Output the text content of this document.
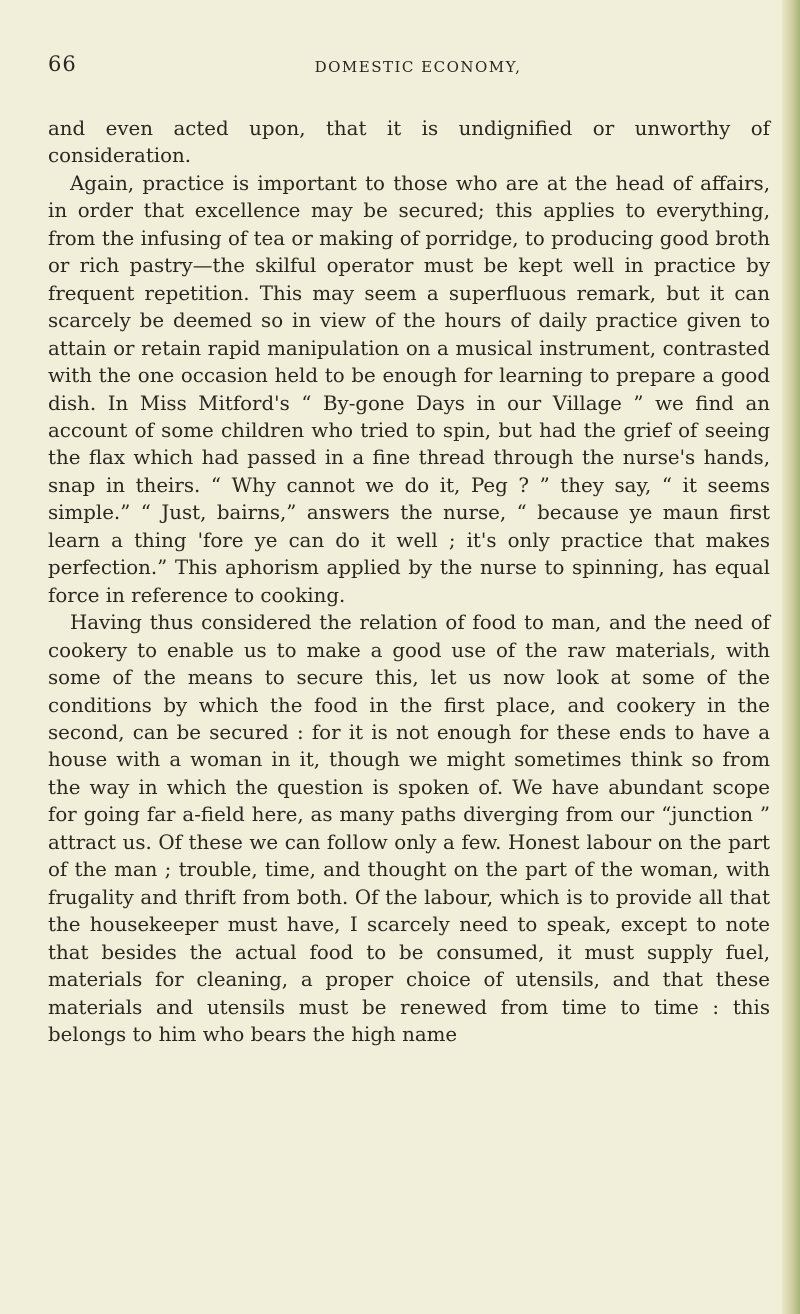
66	DOMESTIC ECONOMY,

and even acted upon, that it is undignified or unworthy of consideration.

Again, practice is important to those who are at the head of affairs, in order that excellence may be secured; this applies to everything, from the infusing of tea or making of porridge, to producing good broth or rich pastry—the skilful operator must be kept well in practice by frequent repetition. This may seem a superfluous remark, but it can scarcely be deemed so in view of the hours of daily practice given to attain or retain rapid manipulation on a musical instrument, contrasted with the one occasion held to be enough for learning to prepare a good dish. In Miss Mitford's “ By-gone Days in our Village ” we find an account of some children who tried to spin, but had the grief of seeing the flax which had passed in a fine thread through the nurse's hands, snap in theirs. “ Why cannot we do it, Peg ? ” they say, “ it seems simple.” “ Just, bairns,” answers the nurse, “ because ye maun first learn a thing 'fore ye can do it well ; it's only practice that makes perfection.” This aphorism applied by the nurse to spinning, has equal force in reference to cooking.

Having thus considered the relation of food to man, and the need of cookery to enable us to make a good use of the raw materials, with some of the means to secure this, let us now look at some of the conditions by which the food in the first place, and cookery in the second, can be secured : for it is not enough for these ends to have a house with a woman in it, though we might sometimes think so from the way in which the question is spoken of. We have abundant scope for going far a-field here, as many paths diverging from our “junction ” attract us. Of these we can follow only a few. Honest labour on the part of the man ; trouble, time, and thought on the part of the woman, with frugality and thrift from both. Of the labour, which is to provide all that the housekeeper must have, I scarcely need to speak, except to note that besides the actual food to be consumed, it must supply fuel, materials for cleaning, a proper choice of utensils, and that these materials and utensils must be renewed from time to time : this belongs to him who bears the high name
